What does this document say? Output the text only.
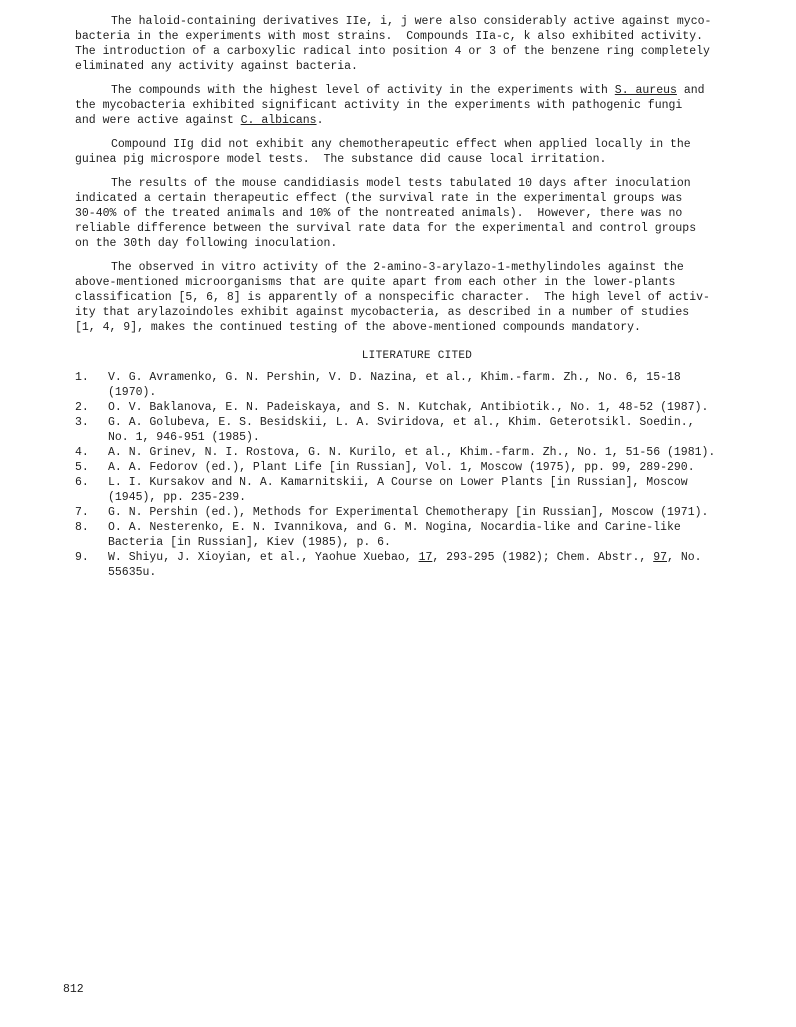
The haloid-containing derivatives IIe, i, j were also considerably active against myco-
bacteria in the experiments with most strains.  Compounds IIa-c, k also exhibited activity.
The introduction of a carboxylic radical into position 4 or 3 of the benzene ring completely
eliminated any activity against bacteria.
The compounds with the highest level of activity in the experiments with S. aureus and
the mycobacteria exhibited significant activity in the experiments with pathogenic fungi
and were active against C. albicans.
Compound IIg did not exhibit any chemotherapeutic effect when applied locally in the
guinea pig microspore model tests.  The substance did cause local irritation.
The results of the mouse candidiasis model tests tabulated 10 days after inoculation
indicated a certain therapeutic effect (the survival rate in the experimental groups was
30-40% of the treated animals and 10% of the nontreated animals).  However, there was no
reliable difference between the survival rate data for the experimental and control groups
on the 30th day following inoculation.
The observed in vitro activity of the 2-amino-3-arylazo-1-methylindoles against the
above-mentioned microorganisms that are quite apart from each other in the lower-plants
classification [5, 6, 8] is apparently of a nonspecific character.  The high level of activ-
ity that arylazoindoles exhibit against mycobacteria, as described in a number of studies
[1, 4, 9], makes the continued testing of the above-mentioned compounds mandatory.
LITERATURE CITED
1. V. G. Avramenko, G. N. Pershin, V. D. Nazina, et al., Khim.-farm. Zh., No. 6, 15-18
(1970).
2. O. V. Baklanova, E. N. Padeiskaya, and S. N. Kutchak, Antibiotik., No. 1, 48-52 (1987).
3. G. A. Golubeva, E. S. Besidskii, L. A. Sviridova, et al., Khim. Geterotsikl. Soedin.,
No. 1, 946-951 (1985).
4. A. N. Grinev, N. I. Rostova, G. N. Kurilo, et al., Khim.-farm. Zh., No. 1, 51-56 (1981).
5. A. A. Fedorov (ed.), Plant Life [in Russian], Vol. 1, Moscow (1975), pp. 99, 289-290.
6. L. I. Kursakov and N. A. Kamarnitskii, A Course on Lower Plants [in Russian], Moscow
(1945), pp. 235-239.
7. G. N. Pershin (ed.), Methods for Experimental Chemotherapy [in Russian], Moscow (1971).
8. O. A. Nesterenko, E. N. Ivannikova, and G. M. Nogina, Nocardia-like and Carine-like
Bacteria [in Russian], Kiev (1985), p. 6.
9. W. Shiyu, J. Xioyian, et al., Yaohue Xuebao, 17, 293-295 (1982); Chem. Abstr., 97, No.
55635u.
812
